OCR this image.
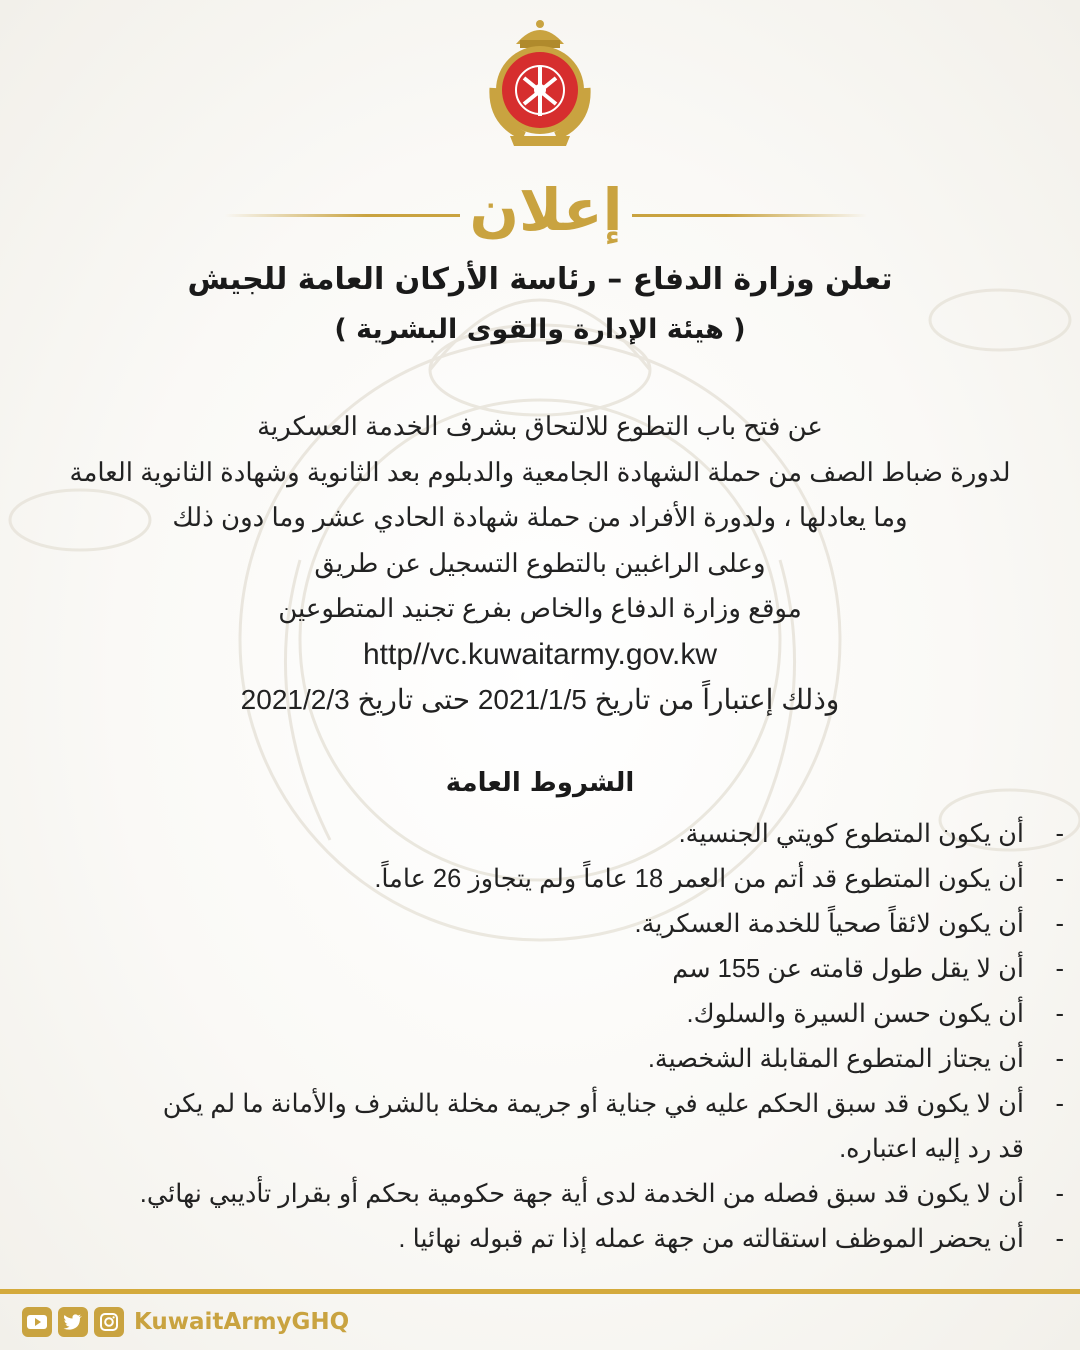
إعلان
تعلن وزارة الدفاع – رئاسة الأركان العامة للجيش
( هيئة الإدارة والقوى البشرية )
عن فتح باب التطوع للالتحاق بشرف الخدمة العسكرية
لدورة ضباط الصف من حملة الشهادة الجامعية والدبلوم بعد الثانوية وشهادة الثانوية العامة
وما يعادلها ، ولدورة الأفراد من حملة شهادة الحادي عشر وما دون ذلك
وعلى الراغبين بالتطوع التسجيل عن طريق
موقع وزارة الدفاع والخاص بفرع تجنيد المتطوعين
http//vc.kuwaitarmy.gov.kw
وذلك إعتباراً من تاريخ 2021/1/5 حتى تاريخ 2021/2/3
الشروط العامة
-
أن يكون المتطوع كويتي الجنسية.
-
أن يكون المتطوع قد أتم من العمر 18 عاماً ولم يتجاوز 26 عاماً.
-
أن يكون لائقاً صحياً للخدمة العسكرية.
-
أن لا يقل طول قامته عن 155 سم
-
أن يكون حسن السيرة والسلوك.
-
أن يجتاز المتطوع المقابلة الشخصية.
-
أن لا يكون قد سبق الحكم عليه في جناية أو جريمة مخلة بالشرف والأمانة ما لم يكن
قد رد إليه اعتباره.
-
أن لا يكون قد سبق فصله من الخدمة لدى أية جهة حكومية بحكم أو بقرار تأديبي نهائي.
-
أن يحضر الموظف استقالته من جهة عمله إذا تم قبوله نهائيا .
KuwaitArmyGHQ
